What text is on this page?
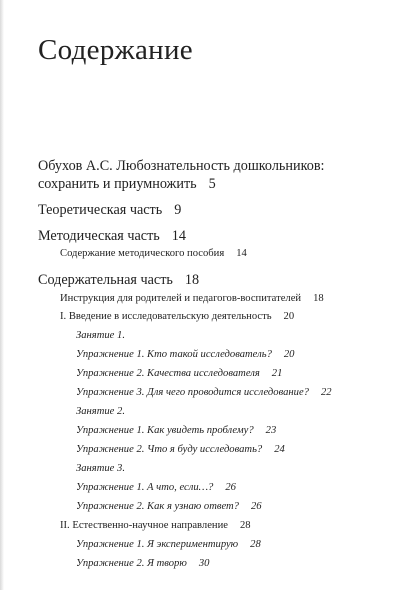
Содержание
Обухов А.С. Любознательность дошкольников:
сохранить и приумножить 5
Теоретическая часть 9
Методическая часть 14
Содержание методического пособия 14
Содержательная часть 18
Инструкция для родителей и педагогов-воспитателей 18
I. Введение в исследовательскую деятельность 20
Занятие 1.
Упражнение 1. Кто такой исследователь? 20
Упражнение 2. Качества исследователя 21
Упражнение 3. Для чего проводится исследование? 22
Занятие 2.
Упражнение 1. Как увидеть проблему? 23
Упражнение 2. Что я буду исследовать? 24
Занятие 3.
Упражнение 1. А что, если…? 26
Упражнение 2. Как я узнаю ответ? 26
II. Естественно-научное направление 28
Упражнение 1. Я экспериментирую 28
Упражнение 2. Я творю 30
